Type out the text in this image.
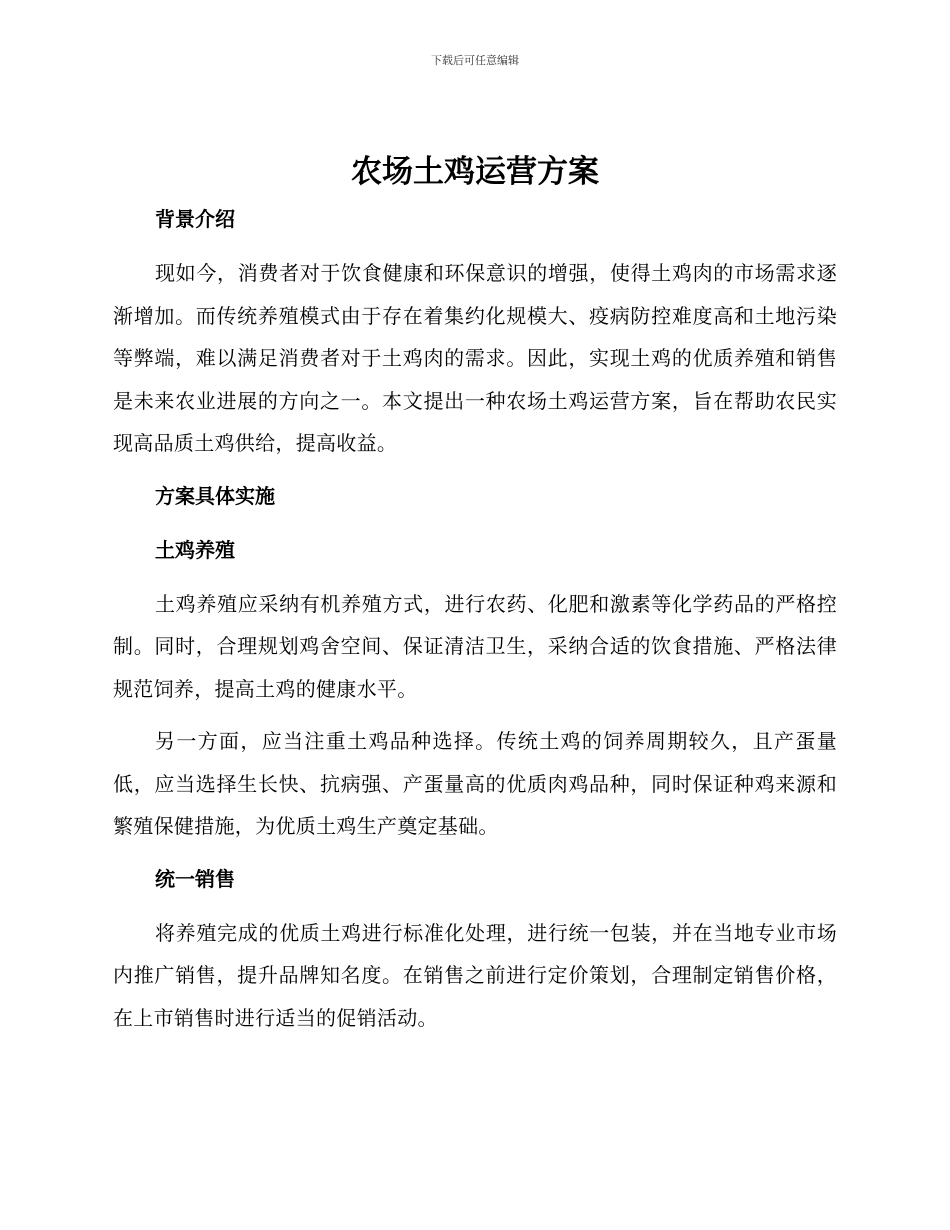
下载后可任意编辑
农场土鸡运营方案
背景介绍

现如今，消费者对于饮食健康和环保意识的增强，使得土鸡肉的市场需求逐渐增加。而传统养殖模式由于存在着集约化规模大、疫病防控难度高和土地污染等弊端，难以满足消费者对于土鸡肉的需求。因此，实现土鸡的优质养殖和销售是未来农业进展的方向之一。本文提出一种农场土鸡运营方案，旨在帮助农民实现高品质土鸡供给，提高收益。

方案具体实施
土鸡养殖

土鸡养殖应采纳有机养殖方式，进行农药、化肥和激素等化学药品的严格控制。同时，合理规划鸡舍空间、保证清洁卫生，采纳合适的饮食措施、严格法律规范饲养，提高土鸡的健康水平。

另一方面，应当注重土鸡品种选择。传统土鸡的饲养周期较久，且产蛋量低，应当选择生长快、抗病强、产蛋量高的优质肉鸡品种，同时保证种鸡来源和繁殖保健措施，为优质土鸡生产奠定基础。

统一销售

将养殖完成的优质土鸡进行标准化处理，进行统一包装，并在当地专业市场内推广销售，提升品牌知名度。在销售之前进行定价策划，合理制定销售价格，在上市销售时进行适当的促销活动。
